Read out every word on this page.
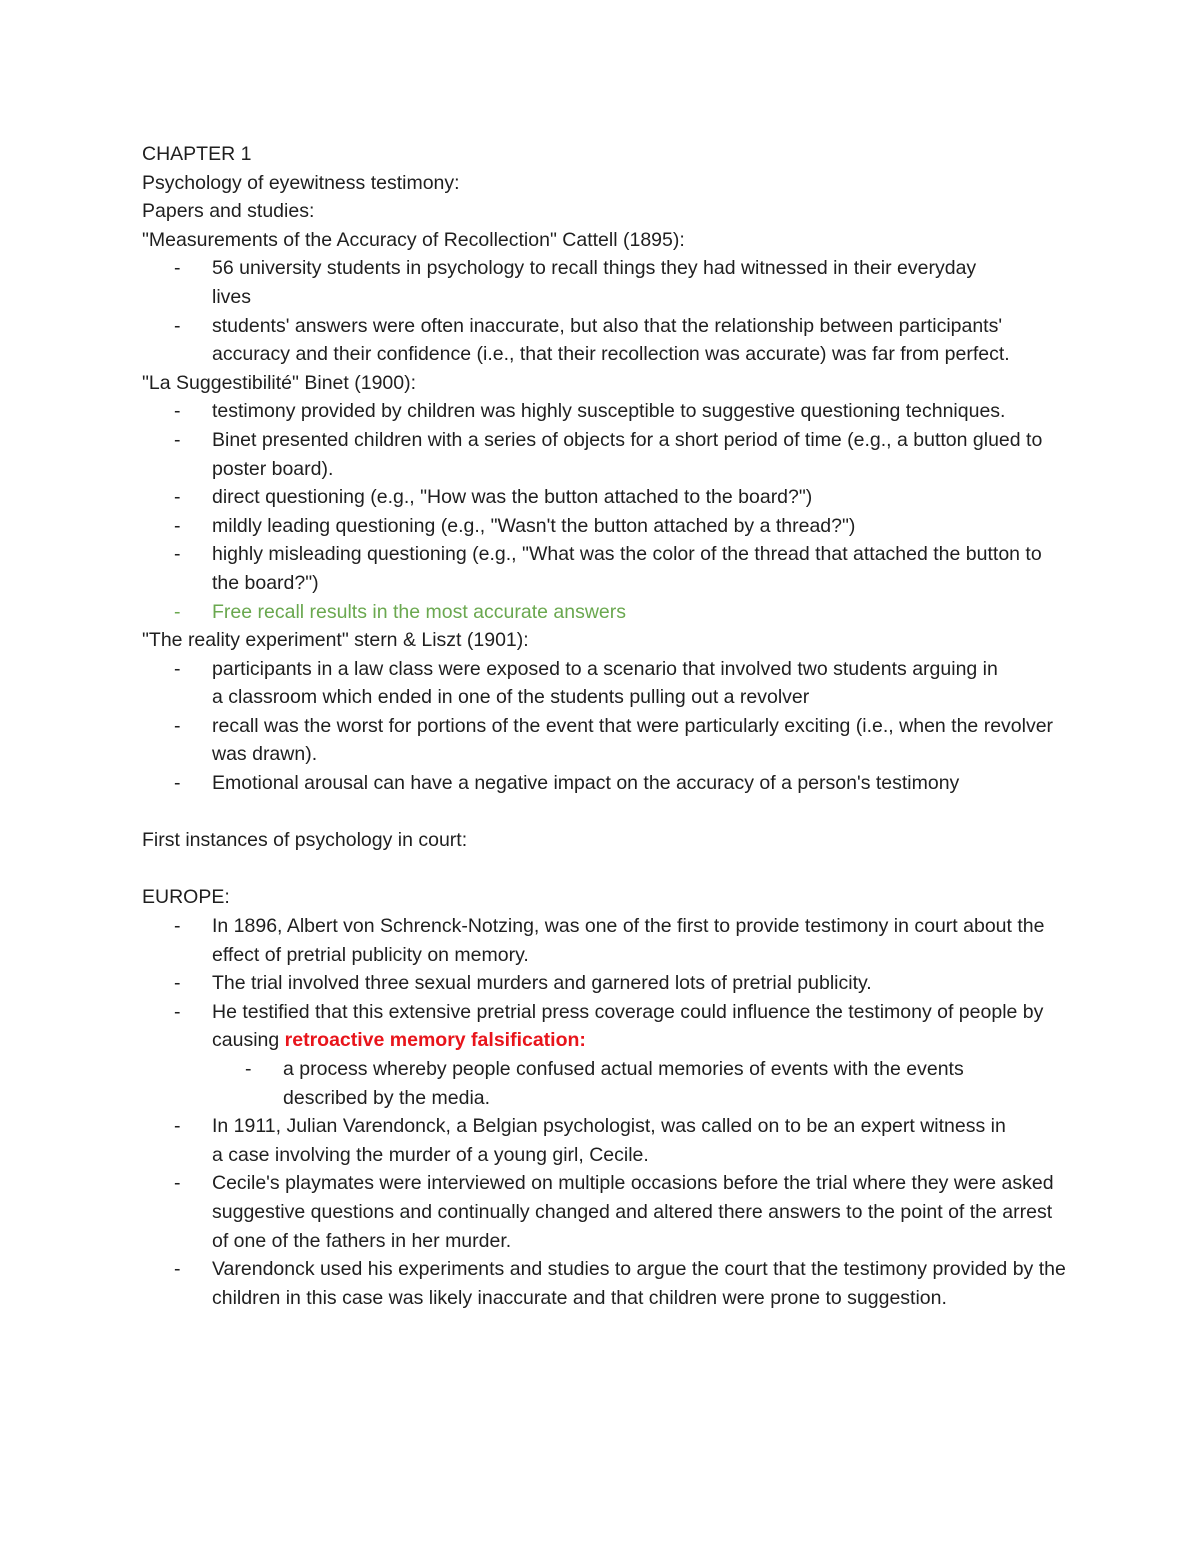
CHAPTER 1
Psychology of eyewitness testimony:
Papers and studies:
"Measurements of the Accuracy of Recollection" Cattell (1895):
- 56 university students in psychology to recall things they had witnessed in their everyday lives
- students' answers were often inaccurate, but also that the relationship between participants' accuracy and their confidence (i.e., that their recollection was accurate) was far from perfect.
"La Suggestibilité" Binet (1900):
- testimony provided by children was highly susceptible to suggestive questioning techniques.
- Binet presented children with a series of objects for a short period of time (e.g., a button glued to poster board).
- direct questioning (e.g., "How was the button attached to the board?")
- mildly leading questioning (e.g., "Wasn't the button attached by a thread?")
- highly misleading questioning (e.g., "What was the color of the thread that attached the button to the board?")
- Free recall results in the most accurate answers
"The reality experiment" stern & Liszt (1901):
- participants in a law class were exposed to a scenario that involved two students arguing in a classroom which ended in one of the students pulling out a revolver
- recall was the worst for portions of the event that were particularly exciting (i.e., when the revolver was drawn).
- Emotional arousal can have a negative impact on the accuracy of a person's testimony
First instances of psychology in court:
EUROPE:
- In 1896, Albert von Schrenck-Notzing, was one of the first to provide testimony in court about the effect of pretrial publicity on memory.
- The trial involved three sexual murders and garnered lots of pretrial publicity.
- He testified that this extensive pretrial press coverage could influence the testimony of people by causing retroactive memory falsification:
- a process whereby people confused actual memories of events with the events described by the media.
- In 1911, Julian Varendonck, a Belgian psychologist, was called on to be an expert witness in a case involving the murder of a young girl, Cecile.
- Cecile's playmates were interviewed on multiple occasions before the trial where they were asked suggestive questions and continually changed and altered there answers to the point of the arrest of one of the fathers in her murder.
- Varendonck used his experiments and studies to argue the court that the testimony provided by the children in this case was likely inaccurate and that children were prone to suggestion.
